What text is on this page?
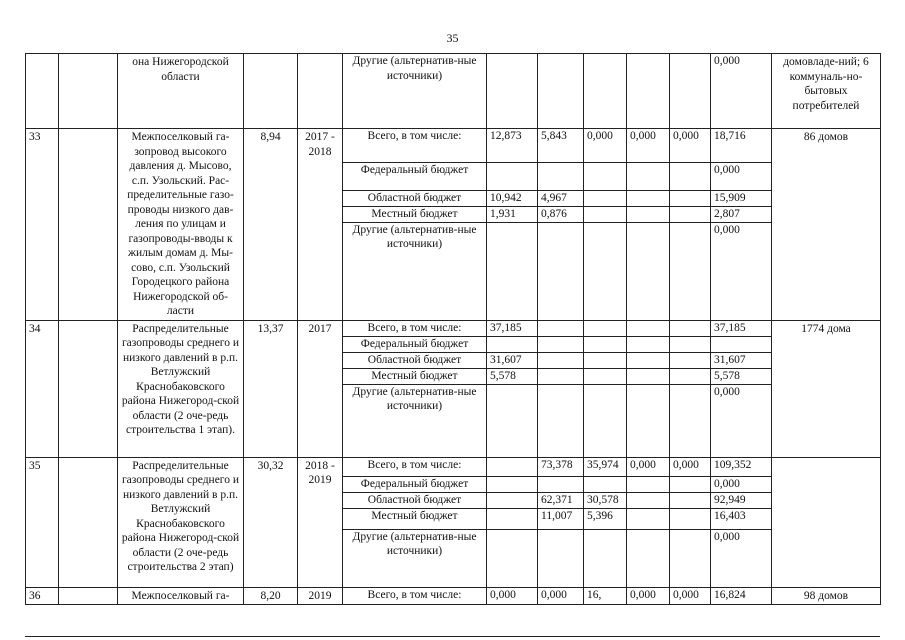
35
		она Нижегородской области			Другие (альтернатив-ные источники)						0,000	домовладе-ний; 6 коммуналь-но-бытовых потребителей
33		Межпоселковый га-зопровод высокого давления д. Мысово, с.п. Узольский. Рас-пределительные газо-проводы низкого дав-ления по улицам и газопроводы-вводы к жилым домам д. Мы-сово, с.п. Узольский Городецкого района Нижегородской об-ласти	8,94	2017 - 2018	Всего, в том числе:	12,873	5,843	0,000	0,000	0,000	18,716	86 домов
					Федеральный бюджет						0,000	
					Областной бюджет	10,942	4,967				15,909	
					Местный бюджет	1,931	0,876				2,807	
					Другие (альтернатив-ные источники)						0,000	
34		Распределительные газопроводы среднего и низкого давлений в р.п. Ветлужский Краснобаковского района Нижегород-ской области (2 оче-редь строительства 1 этап).	13,37	2017	Всего, в том числе:	37,185					37,185	1774 дома
					Федеральный бюджет							
					Областной бюджет	31,607					31,607	
					Местный бюджет	5,578					5,578	
					Другие (альтернатив-ные источники)						0,000	
35		Распределительные газопроводы среднего и низкого давлений в р.п. Ветлужский Краснобаковского района Нижегород-ской области (2 оче-редь строительства 2 этап)	30,32	2018 - 2019	Всего, в том числе:		73,378	35,974	0,000	0,000	109,352	
					Федеральный бюджет						0,000	
					Областной бюджет		62,371	30,578			92,949	
					Местный бюджет		11,007	5,396			16,403	
					Другие (альтернатив-ные источники)						0,000	
36		Межпоселковый га-	8,20	2019	Всего, в том числе:	0,000	0,000	16,	0,000	0,000	16,824	98 домов
